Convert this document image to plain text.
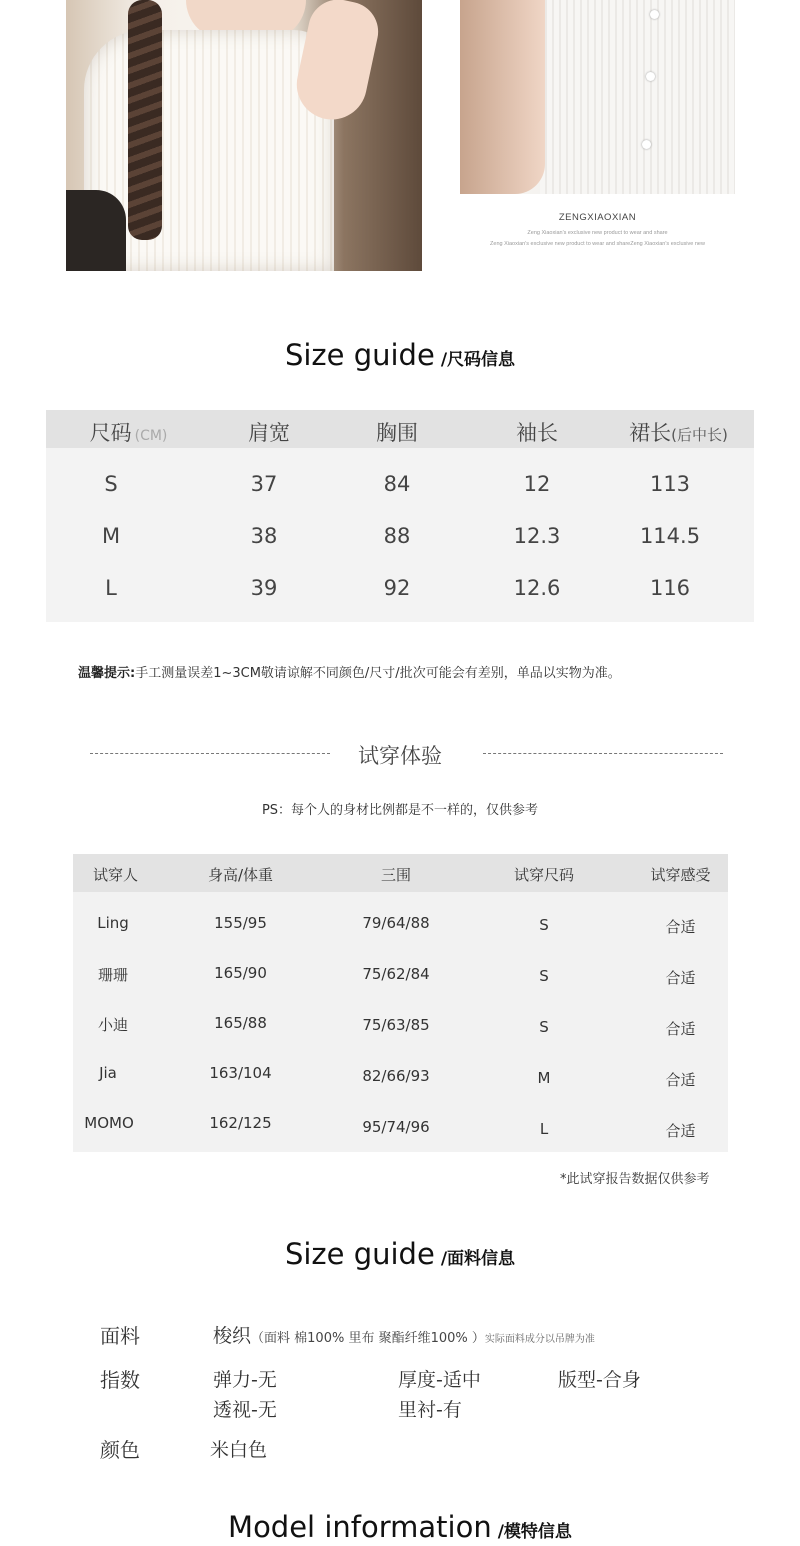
ZENGXIAOXIAN
Zeng Xiaoxian's exclusive new product to wear and share
Zeng Xiaoxian's exclusive new product to wear and shareZeng Xiaoxian's exclusive new
Size guide /尺码信息
尺码 (CM)	肩宽	胸围	袖长	裙长(后中长)
S	37	84	12	113
M	38	88	12.3	114.5
L	39	92	12.6	116
温馨提示:手工测量误差1~3CM敬请谅解不同颜色/尺寸/批次可能会有差别，单品以实物为准。
试穿体验
PS：每个人的身材比例都是不一样的，仅供参考
试穿人	身高/体重	三围	试穿尺码	试穿感受
Ling	155/95	79/64/88	S	合适
珊珊	165/90	75/62/84	S	合适
小迪	165/88	75/63/85	S	合适
Jia	163/104	82/66/93	M	合适
MOMO	162/125	95/74/96	L	合适
*此试穿报告数据仅供参考
Size guide /面料信息
面料	梭织（面料 棉100% 里布 聚酯纤维100% ）实际面料成分以吊牌为准
指数	弹力-无	厚度-适中	版型-合身
透视-无	里衬-有
颜色	米白色
Model information /模特信息
